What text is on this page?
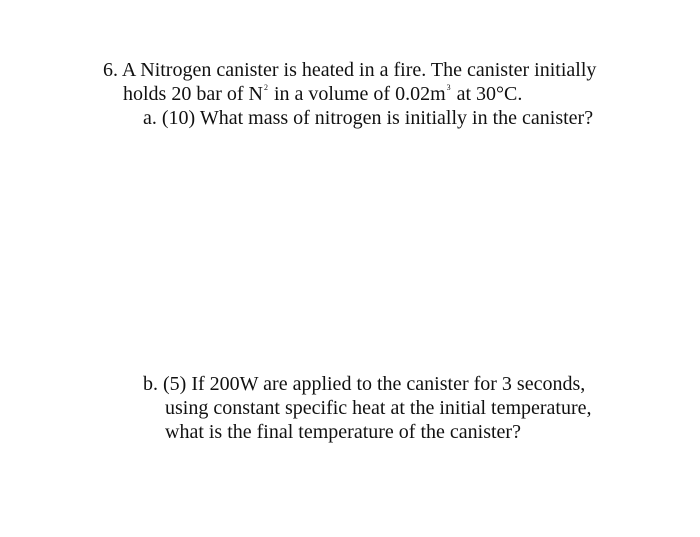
6. A Nitrogen canister is heated in a fire. The canister initially
holds 20 bar of $N^2$ in a volume of $0.02m^3$ at 30°C.
a. (10) What mass of nitrogen is initially in the canister?
b. (5) If 200W are applied to the canister for 3 seconds,
using constant specific heat at the initial temperature,
what is the final temperature of the canister?
